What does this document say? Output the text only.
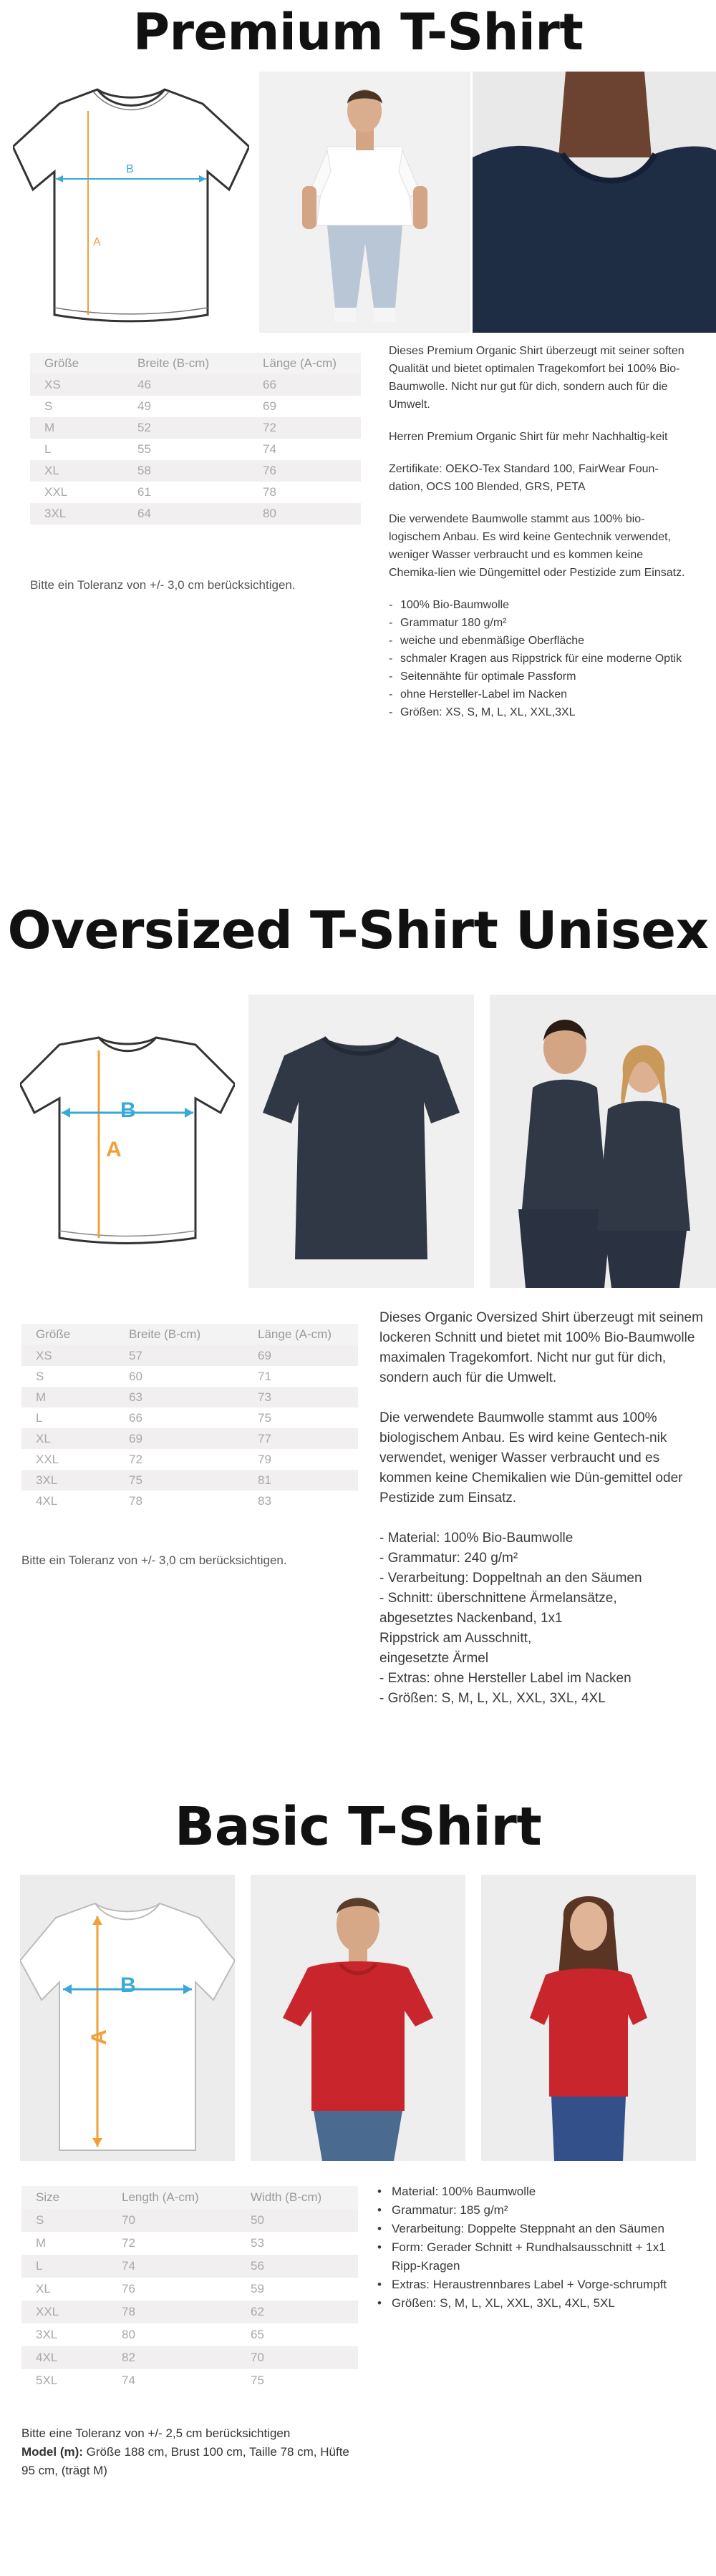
Premium T-Shirt
B
A
Größe	Breite (B-cm)	Länge (A-cm)
XS	46	66
S	49	69
M	52	72
L	55	74
XL	58	76
XXL	61	78
3XL	64	80
Bitte ein Toleranz von +/- 3,0 cm berücksichtigen.

Dieses Premium Organic Shirt überzeugt mit seiner soften Qualität und bietet optimalen Tragekomfort bei 100% Bio-Baumwolle. Nicht nur gut für dich, sondern auch für die Umwelt.

Herren Premium Organic Shirt für mehr Nachhaltig-keit

Zertifikate: OEKO-Tex Standard 100, FairWear Foun-dation, OCS 100 Blended, GRS, PETA

Die verwendete Baumwolle stammt aus 100% bio-logischem Anbau. Es wird keine Gentechnik verwendet, weniger Wasser verbraucht und es kommen keine Chemika-lien wie Düngemittel oder Pestizide zum Einsatz.

- 100% Bio-Baumwolle
- Grammatur 180 g/m²
- weiche und ebenmäßige Oberfläche
- schmaler Kragen aus Rippstrick für eine moderne Optik
- Seitennähte für optimale Passform
- ohne Hersteller-Label im Nacken
- Größen: XS, S, M, L, XL, XXL,3XL
Oversized T-Shirt Unisex
B
A
Größe	Breite (B-cm)	Länge (A-cm)
XS	57	69
S	60	71
M	63	73
L	66	75
XL	69	77
XXL	72	79
3XL	75	81
4XL	78	83
Bitte ein Toleranz von +/- 3,0 cm berücksichtigen.

Dieses Organic Oversized Shirt überzeugt mit seinem lockeren Schnitt und bietet mit 100% Bio-Baumwolle maximalen Tragekomfort. Nicht nur gut für dich, sondern auch für die Umwelt.

Die verwendete Baumwolle stammt aus 100% biologischem Anbau. Es wird keine Gentech-nik verwendet, weniger Wasser verbraucht und es kommen keine Chemikalien wie Dün-gemittel oder Pestizide zum Einsatz.

- Material: 100% Bio-Baumwolle
- Grammatur: 240 g/m²
- Verarbeitung: Doppeltnah an den Säumen
- Schnitt: überschnittene Ärmelansätze,
abgesetztes Nackenband, 1x1
Rippstrick am Ausschnitt,
eingesetzte Ärmel
- Extras: ohne Hersteller Label im Nacken
- Größen: S, M, L, XL, XXL, 3XL, 4XL
Basic T-Shirt
B
A
Size	Length (A-cm)	Width (B-cm)
S	70	50
M	72	53
L	74	56
XL	76	59
XXL	78	62
3XL	80	65
4XL	82	70
5XL	74	75
Bitte eine Toleranz von +/- 2,5 cm berücksichtigen
Model (m): Größe 188 cm, Brust 100 cm, Taille 78 cm, Hüfte 95 cm, (trägt M)
• Material: 100% Baumwolle
• Grammatur: 185 g/m²
• Verarbeitung: Doppelte Steppnaht an den Säumen
• Form: Gerader Schnitt + Rundhalsausschnitt + 1x1 Ripp-Kragen
• Extras: Heraustrennbares Label + Vorge-schrumpft
• Größen: S, M, L, XL, XXL, 3XL, 4XL, 5XL
